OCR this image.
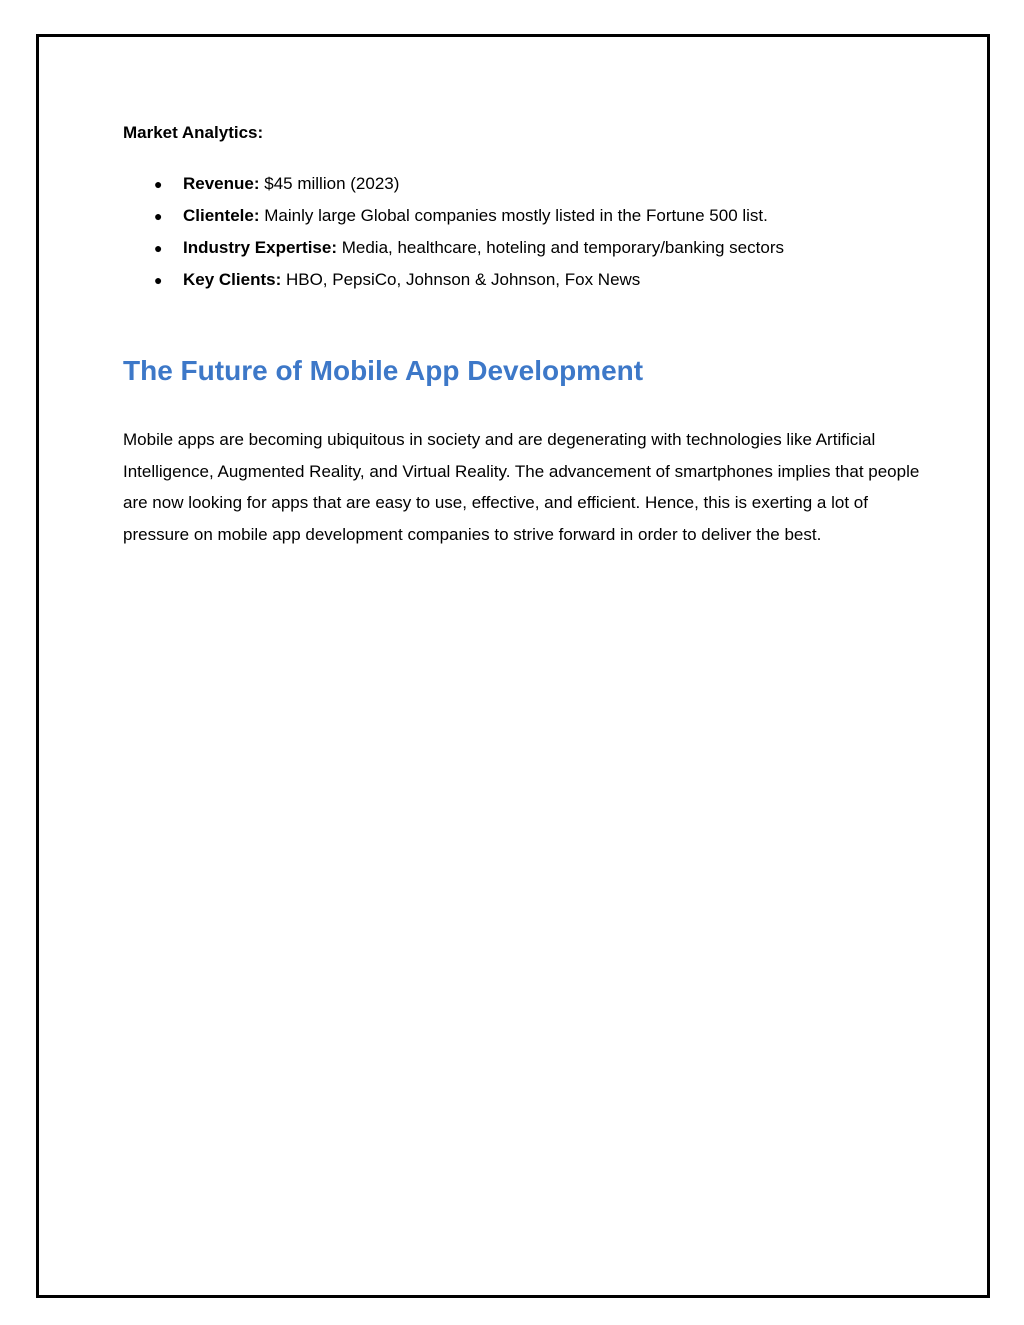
Market Analytics:
● Revenue: $45 million (2023)
● Clientele: Mainly large Global companies mostly listed in the Fortune 500 list.
● Industry Expertise: Media, healthcare, hoteling and temporary/banking sectors
● Key Clients: HBO, PepsiCo, Johnson & Johnson, Fox News
The Future of Mobile App Development

Mobile apps are becoming ubiquitous in society and are degenerating with technologies like Artificial Intelligence, Augmented Reality, and Virtual Reality. The advancement of smartphones implies that people are now looking for apps that are easy to use, effective, and efficient. Hence, this is exerting a lot of pressure on mobile app development companies to strive forward in order to deliver the best.
